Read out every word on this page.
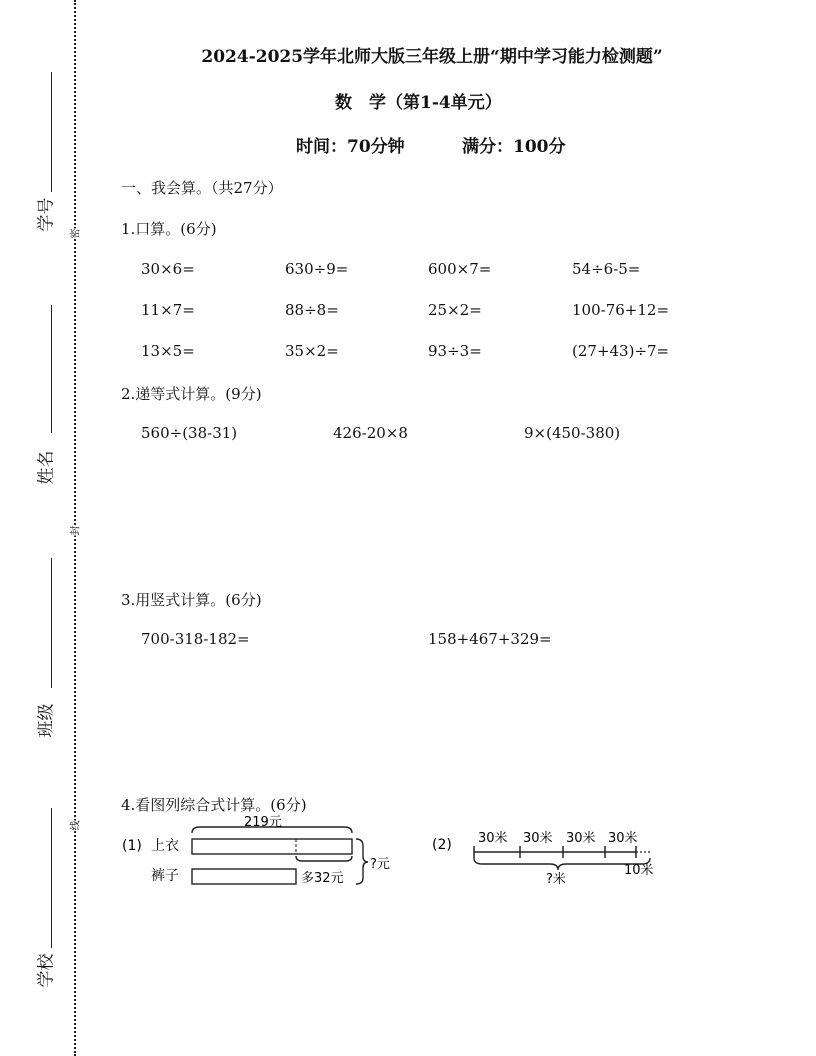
学号
姓名
班级
学校
密
封
线
2024-2025学年北师大版三年级上册“期中学习能力检测题”
数　学（第1-4单元）
时间：70分钟	满分：100分
一、我会算。（共27分）
1.口算。(6分)
30×6=	630÷9=	600×7=	54÷6-5=
11×7=	88÷8=	25×2=	100-76+12=
13×5=	35×2=	93÷3=	(27+43)÷7=
2.递等式计算。(9分)
560÷(38-31)	426-20×8	9×(450-380)
3.用竖式计算。(6分)
700-318-182=	158+467+329=
4.看图列综合式计算。(6分)
(1) 上衣
裤子
219元
多32元
?元
(2) 30米 30米 30米 30米
?米
10米
